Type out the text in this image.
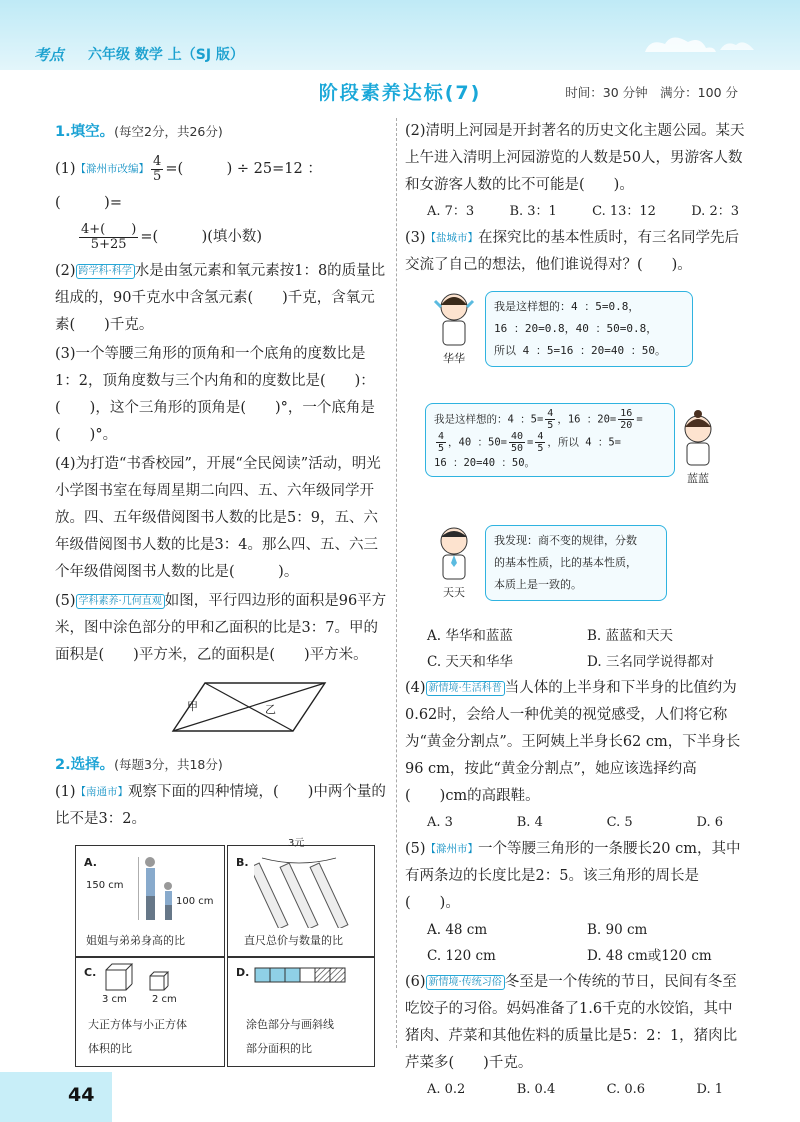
考点 六年级 数学 上（SJ 版）
阶段素养达标(7)	时间：30 分钟　满分：100 分

1.填空。(每空2分，共26分)

(1)【滁州市改编】 $\frac{4}{5}$ =(　　　) ÷ 25=12 ：(　　　)=

$\frac{4+( )}{5+25}$ =(　　　)(填小数)

(2) 跨学科·科学 水是由氢元素和氧元素按1：8的质量比组成的，90千克水中含氢元素(　　)千克，含氧元素(　　)千克。

(3)一个等腰三角形的顶角和一个底角的度数比是1：2，顶角度数与三个内角和的度数比是(　　)：(　　)，这个三角形的顶角是(　　)°，一个底角是(　　)°。

(4)为打造“书香校园”，开展“全民阅读”活动，明光小学图书室在每周星期二向四、五、六年级同学开放。四、五年级借阅图书人数的比是5：9，五、六年级借阅图书人数的比是3：4。那么四、五、六三个年级借阅图书人数的比是(　　　)。

(5) 学科素养·几何直观 如图，平行四边形的面积是96平方米，图中涂色部分的甲和乙面积的比是3：7。甲的面积是(　　)平方米，乙的面积是(　　)平方米。

甲	乙

2.选择。(每题3分，共18分)

(1)【南通市】观察下面的四种情境，(　　)中两个量的比不是3：2。

A.
150 cm
100 cm
姐姐与弟弟身高的比
B.
3元
直尺总价与数量的比
C.
3 cm	2 cm
大正方体与小正方体
体积的比
D.
涂色部分与画斜线
部分面积的比

(2)清明上河园是开封著名的历史文化主题公园。某天上午进入清明上河园游览的人数是50人，男游客人数和女游客人数的比不可能是(　　)。

A. 7：3	B. 3：1	C. 13：12	D. 2：3

(3)【盐城市】在探究比的基本性质时，有三名同学先后交流了自己的想法，他们谁说得对？(　　)。

华华
我是这样想的：4 ：5=0.8，
16 ：20=0.8，40 ：50=0.8，
所以 4 ：5=16 ：20=40 ：50。
我是这样想的：4 ：$5= \frac{4}{5}$ ，16 ：$20= \frac{16}{20}$ =
$\frac{4}{5}$ ，40 ：$50= \frac{40}{50} = \frac{4}{5}$ ，所以 4 ：5=
16 ：20=40 ：50。
蓝蓝
天天
我发现：商不变的规律，分数
的基本性质，比的基本性质，
本质上是一致的。
A. 华华和蓝蓝	B. 蓝蓝和天天
C. 天天和华华	D. 三名同学说得都对

(4) 新情境·生活科普 当人体的上半身和下半身的比值约为0.62时，会给人一种优美的视觉感受，人们将它称为“黄金分割点”。王阿姨上半身长62 cm，下半身长96 cm，按此“黄金分割点”，她应该选择约高(　　)cm的高跟鞋。

A. 3	B. 4	C. 5	D. 6

(5)【滁州市】一个等腰三角形的一条腰长20 cm，其中有两条边的长度比是2：5。该三角形的周长是(　　)。

A. 48 cm	B. 90 cm
C. 120 cm	D. 48 cm或120 cm

(6) 新情境·传统习俗 冬至是一个传统的节日，民间有冬至吃饺子的习俗。妈妈准备了1.6千克的水饺馅，其中猪肉、芹菜和其他佐料的质量比是5：2：1，猪肉比芹菜多(　　)千克。

A. 0.2	B. 0.4	C. 0.6	D. 1
44
